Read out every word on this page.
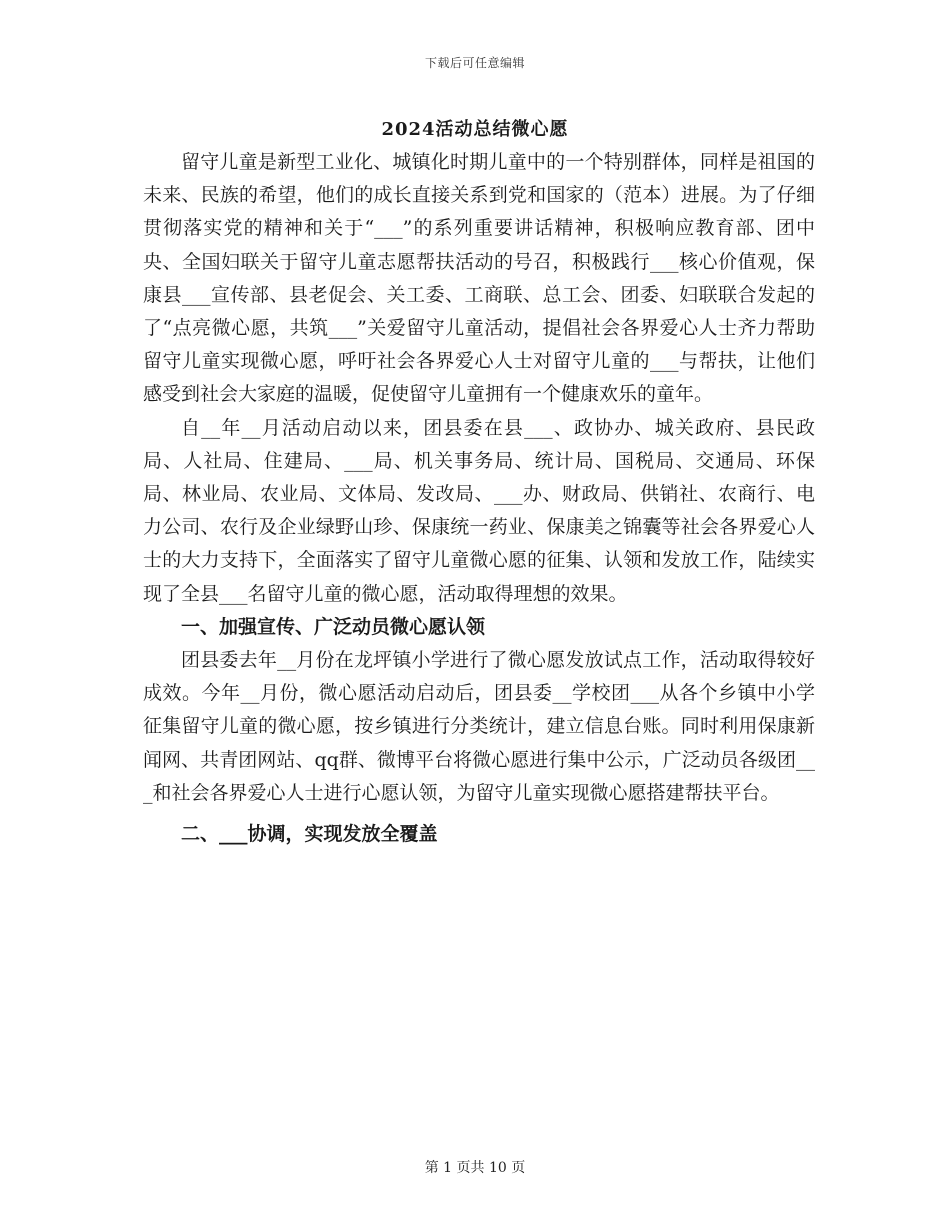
下载后可任意编辑
2024活动总结微心愿

留守儿童是新型工业化、城镇化时期儿童中的一个特别群体，同样是祖国的未来、民族的希望，他们的成长直接关系到党和国家的（范本）进展。为了仔细贯彻落实党的精神和关于“___”的系列重要讲话精神，积极响应教育部、团中央、全国妇联关于留守儿童志愿帮扶活动的号召，积极践行___核心价值观，保康县___宣传部、县老促会、关工委、工商联、总工会、团委、妇联联合发起的了“点亮微心愿，共筑___”关爱留守儿童活动，提倡社会各界爱心人士齐力帮助留守儿童实现微心愿，呼吁社会各界爱心人士对留守儿童的___与帮扶，让他们感受到社会大家庭的温暖，促使留守儿童拥有一个健康欢乐的童年。

自__年__月活动启动以来，团县委在县___、政协办、城关政府、县民政局、人社局、住建局、___局、机关事务局、统计局、国税局、交通局、环保局、林业局、农业局、文体局、发改局、___办、财政局、供销社、农商行、电力公司、农行及企业绿野山珍、保康统一药业、保康美之锦囊等社会各界爱心人士的大力支持下，全面落实了留守儿童微心愿的征集、认领和发放工作，陆续实现了全县___名留守儿童的微心愿，活动取得理想的效果。

一、加强宣传、广泛动员微心愿认领

团县委去年__月份在龙坪镇小学进行了微心愿发放试点工作，活动取得较好成效。今年__月份，微心愿活动启动后，团县委__学校团___从各个乡镇中小学征集留守儿童的微心愿，按乡镇进行分类统计，建立信息台账。同时利用保康新闻网、共青团网站、qq群、微博平台将微心愿进行集中公示，广泛动员各级团___和社会各界爱心人士进行心愿认领，为留守儿童实现微心愿搭建帮扶平台。

二、___协调，实现发放全覆盖

第 1 页共 10 页
